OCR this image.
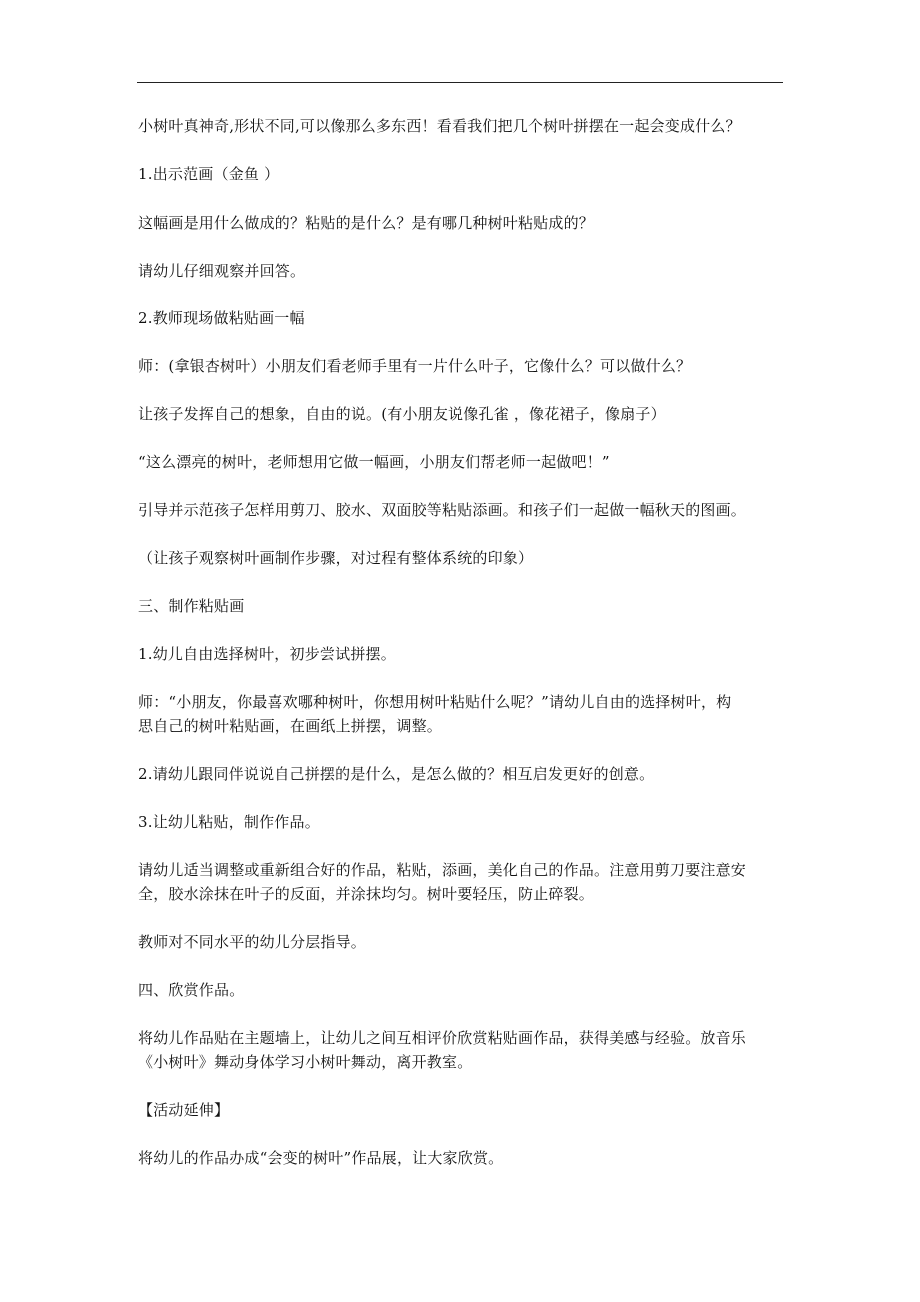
小树叶真神奇,形状不同,可以像那么多东西！看看我们把几个树叶拼摆在一起会变成什么？

1.出示范画（金鱼 ）

这幅画是用什么做成的？粘贴的是什么？是有哪几种树叶粘贴成的？

请幼儿仔细观察并回答。

2.教师现场做粘贴画一幅

师：(拿银杏树叶）小朋友们看老师手里有一片什么叶子，它像什么？可以做什么？

让孩子发挥自己的想象，自由的说。(有小朋友说像孔雀 ，像花裙子，像扇子）

“这么漂亮的树叶，老师想用它做一幅画，小朋友们帮老师一起做吧！”

引导并示范孩子怎样用剪刀、胶水、双面胶等粘贴添画。和孩子们一起做一幅秋天的图画。

（让孩子观察树叶画制作步骤，对过程有整体系统的印象）

三、制作粘贴画

1.幼儿自由选择树叶，初步尝试拼摆。

师：“小朋友，你最喜欢哪种树叶，你想用树叶粘贴什么呢？”请幼儿自由的选择树叶，构
思自己的树叶粘贴画，在画纸上拼摆，调整。

2.请幼儿跟同伴说说自己拼摆的是什么，是怎么做的？相互启发更好的创意。

3.让幼儿粘贴，制作作品。

请幼儿适当调整或重新组合好的作品，粘贴，添画，美化自己的作品。注意用剪刀要注意安
全，胶水涂抹在叶子的反面，并涂抹均匀。树叶要轻压，防止碎裂。

教师对不同水平的幼儿分层指导。

四、欣赏作品。

将幼儿作品贴在主题墙上，让幼儿之间互相评价欣赏粘贴画作品，获得美感与经验。放音乐
《小树叶》舞动身体学习小树叶舞动，离开教室。

【活动延伸】

将幼儿的作品办成“会变的树叶”作品展，让大家欣赏。
